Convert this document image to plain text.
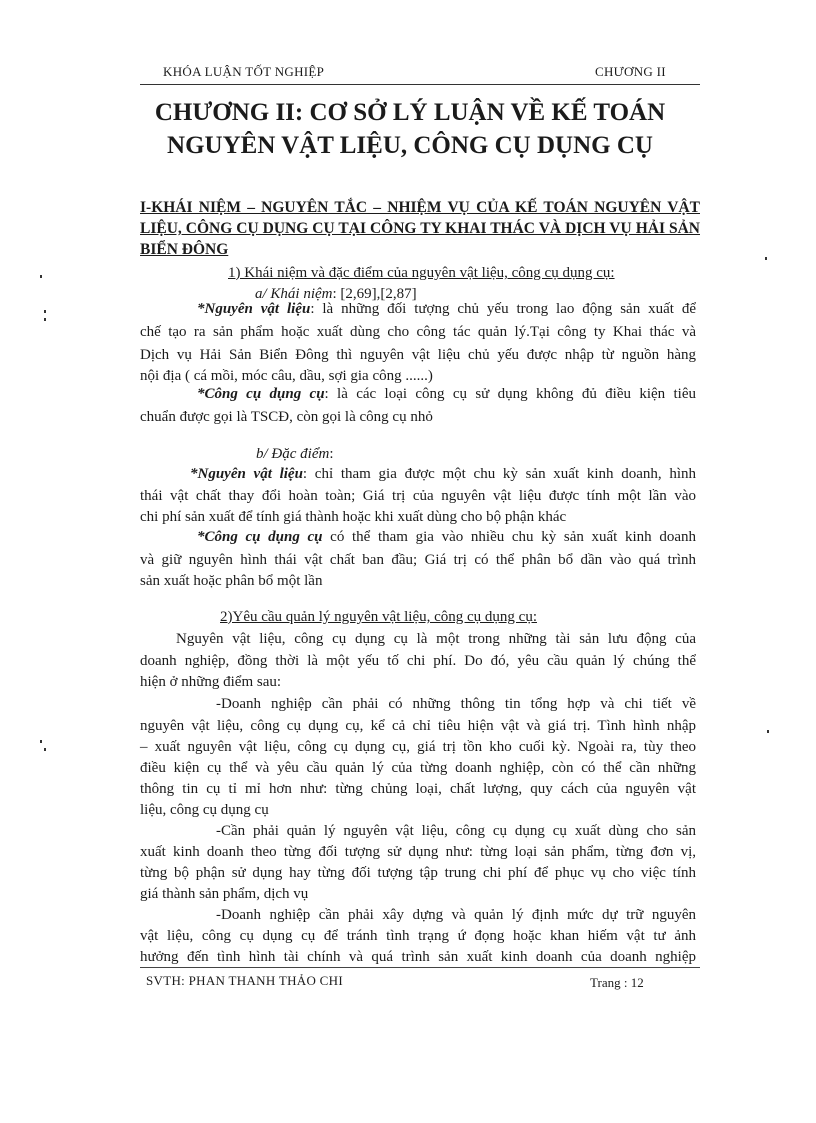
KHÓA LUẬN TỐT NGHIỆP	CHƯƠNG II
CHƯƠNG II: CƠ SỞ LÝ LUẬN VỀ KẾ TOÁN
NGUYÊN VẬT LIỆU, CÔNG CỤ DỤNG CỤ
I-KHÁI NIỆM – NGUYÊN TẮC – NHIỆM VỤ CỦA KẾ TOÁN NGUYÊN VẬT LIỆU, CÔNG CỤ DỤNG CỤ TẠI CÔNG TY KHAI THÁC VÀ DỊCH VỤ HẢI SẢN BIỂN ĐÔNG
1) Khái niệm và đặc điểm của nguyên vật liệu, công cụ dụng cụ:
a/ Khái niệm: [2,69],[2,87]
*Nguyên vật liệu: là những đối tượng chủ yếu trong lao động sản xuất để
chế tạo ra sản phẩm hoặc xuất dùng cho công tác quản lý.Tại công ty Khai thác và
Dịch vụ Hải Sản Biển Đông thì nguyên vật liệu chủ yếu được nhập từ nguồn hàng
nội địa ( cá mồi, móc câu, dầu, sợi gia công ......)
*Công cụ dụng cụ: là các loại công cụ sử dụng không đủ điều kiện tiêu
chuẩn được gọi là TSCĐ, còn gọi là công cụ nhỏ
b/ Đặc điểm:
*Nguyên vật liệu: chỉ tham gia được một chu kỳ sản xuất kinh doanh, hình
thái vật chất thay đổi hoàn toàn; Giá trị của nguyên vật liệu được tính một lần vào
chi phí sản xuất để tính giá thành hoặc khi xuất dùng cho bộ phận khác
*Công cụ dụng cụ có thể tham gia vào nhiều chu kỳ sản xuất kinh doanh
và giữ nguyên hình thái vật chất ban đầu; Giá trị có thể phân bổ dần vào quá trình
sản xuất hoặc phân bổ một lần
2)Yêu cầu quản lý nguyên vật liệu, công cụ dụng cụ:
Nguyên vật liệu, công cụ dụng cụ là một trong những tài sản lưu động của
doanh nghiệp, đồng thời là một yếu tố chi phí. Do đó, yêu cầu quản lý chúng thể
hiện ở những điểm sau:
-Doanh nghiệp cần phải có những thông tin tổng hợp và chi tiết về
nguyên vật liệu, công cụ dụng cụ, kể cả chỉ tiêu hiện vật và giá trị. Tình hình nhập
– xuất nguyên vật liệu, công cụ dụng cụ, giá trị tồn kho cuối kỳ. Ngoài ra, tùy theo
điều kiện cụ thể và yêu cầu quản lý của từng doanh nghiệp, còn có thể cần những
thông tin cụ tỉ mỉ hơn như: từng chủng loại, chất lượng, quy cách của nguyên vật
liệu, công cụ dụng cụ
-Cần phải quản lý nguyên vật liệu, công cụ dụng cụ xuất dùng cho sản
xuất kinh doanh theo từng đối tượng sử dụng như: từng loại sản phẩm, từng đơn vị,
từng bộ phận sử dụng hay từng đối tượng tập trung chi phí để phục vụ cho việc tính
giá thành sản phẩm, dịch vụ
-Doanh nghiệp cần phải xây dựng và quản lý định mức dự trữ nguyên
vật liệu, công cụ dụng cụ để tránh tình trạng ứ đọng hoặc khan hiếm vật tư ảnh
hưởng đến tình hình tài chính và quá trình sản xuất kinh doanh của doanh nghiệp
SVTH: PHAN THANH THẢO CHI	Trang : 12
